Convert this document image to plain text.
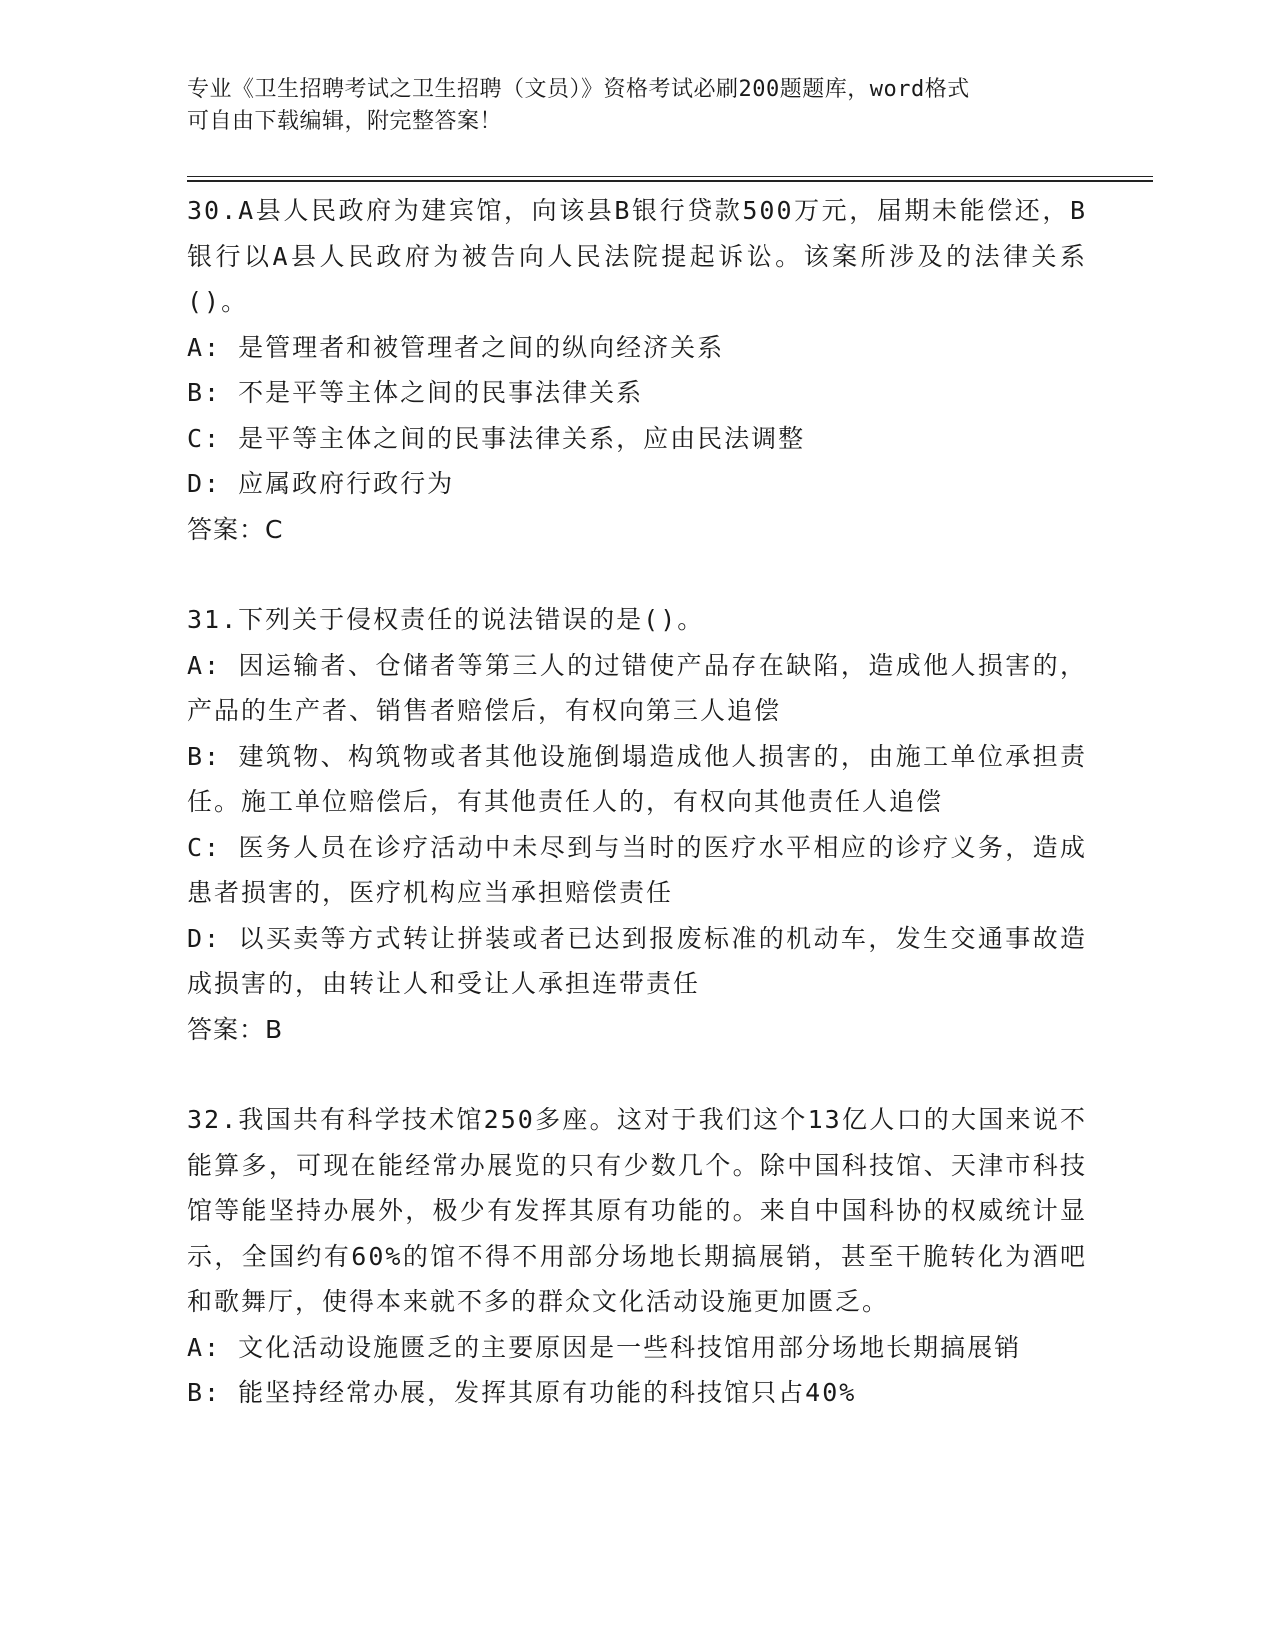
专业《卫生招聘考试之卫生招聘（文员）》资格考试必刷200题题库，word格式
可自由下载编辑，附完整答案！

30.A县人民政府为建宾馆，向该县B银行贷款500万元，届期未能偿还，B银行以A县人民政府为被告向人民法院提起诉讼。该案所涉及的法律关系()。

A: 是管理者和被管理者之间的纵向经济关系

B: 不是平等主体之间的民事法律关系

C: 是平等主体之间的民事法律关系，应由民法调整

D: 应属政府行政行为

答案：C

31.下列关于侵权责任的说法错误的是()。

A: 因运输者、仓储者等第三人的过错使产品存在缺陷，造成他人损害的，产品的生产者、销售者赔偿后，有权向第三人追偿

B: 建筑物、构筑物或者其他设施倒塌造成他人损害的，由施工单位承担责任。施工单位赔偿后，有其他责任人的，有权向其他责任人追偿

C: 医务人员在诊疗活动中未尽到与当时的医疗水平相应的诊疗义务，造成患者损害的，医疗机构应当承担赔偿责任

D: 以买卖等方式转让拼装或者已达到报废标准的机动车，发生交通事故造成损害的，由转让人和受让人承担连带责任

答案：B

32.我国共有科学技术馆250多座。这对于我们这个13亿人口的大国来说不能算多，可现在能经常办展览的只有少数几个。除中国科技馆、天津市科技馆等能坚持办展外，极少有发挥其原有功能的。来自中国科协的权威统计显示，全国约有60%的馆不得不用部分场地长期搞展销，甚至干脆转化为酒吧和歌舞厅，使得本来就不多的群众文化活动设施更加匮乏。

A: 文化活动设施匮乏的主要原因是一些科技馆用部分场地长期搞展销

B: 能坚持经常办展，发挥其原有功能的科技馆只占40%
